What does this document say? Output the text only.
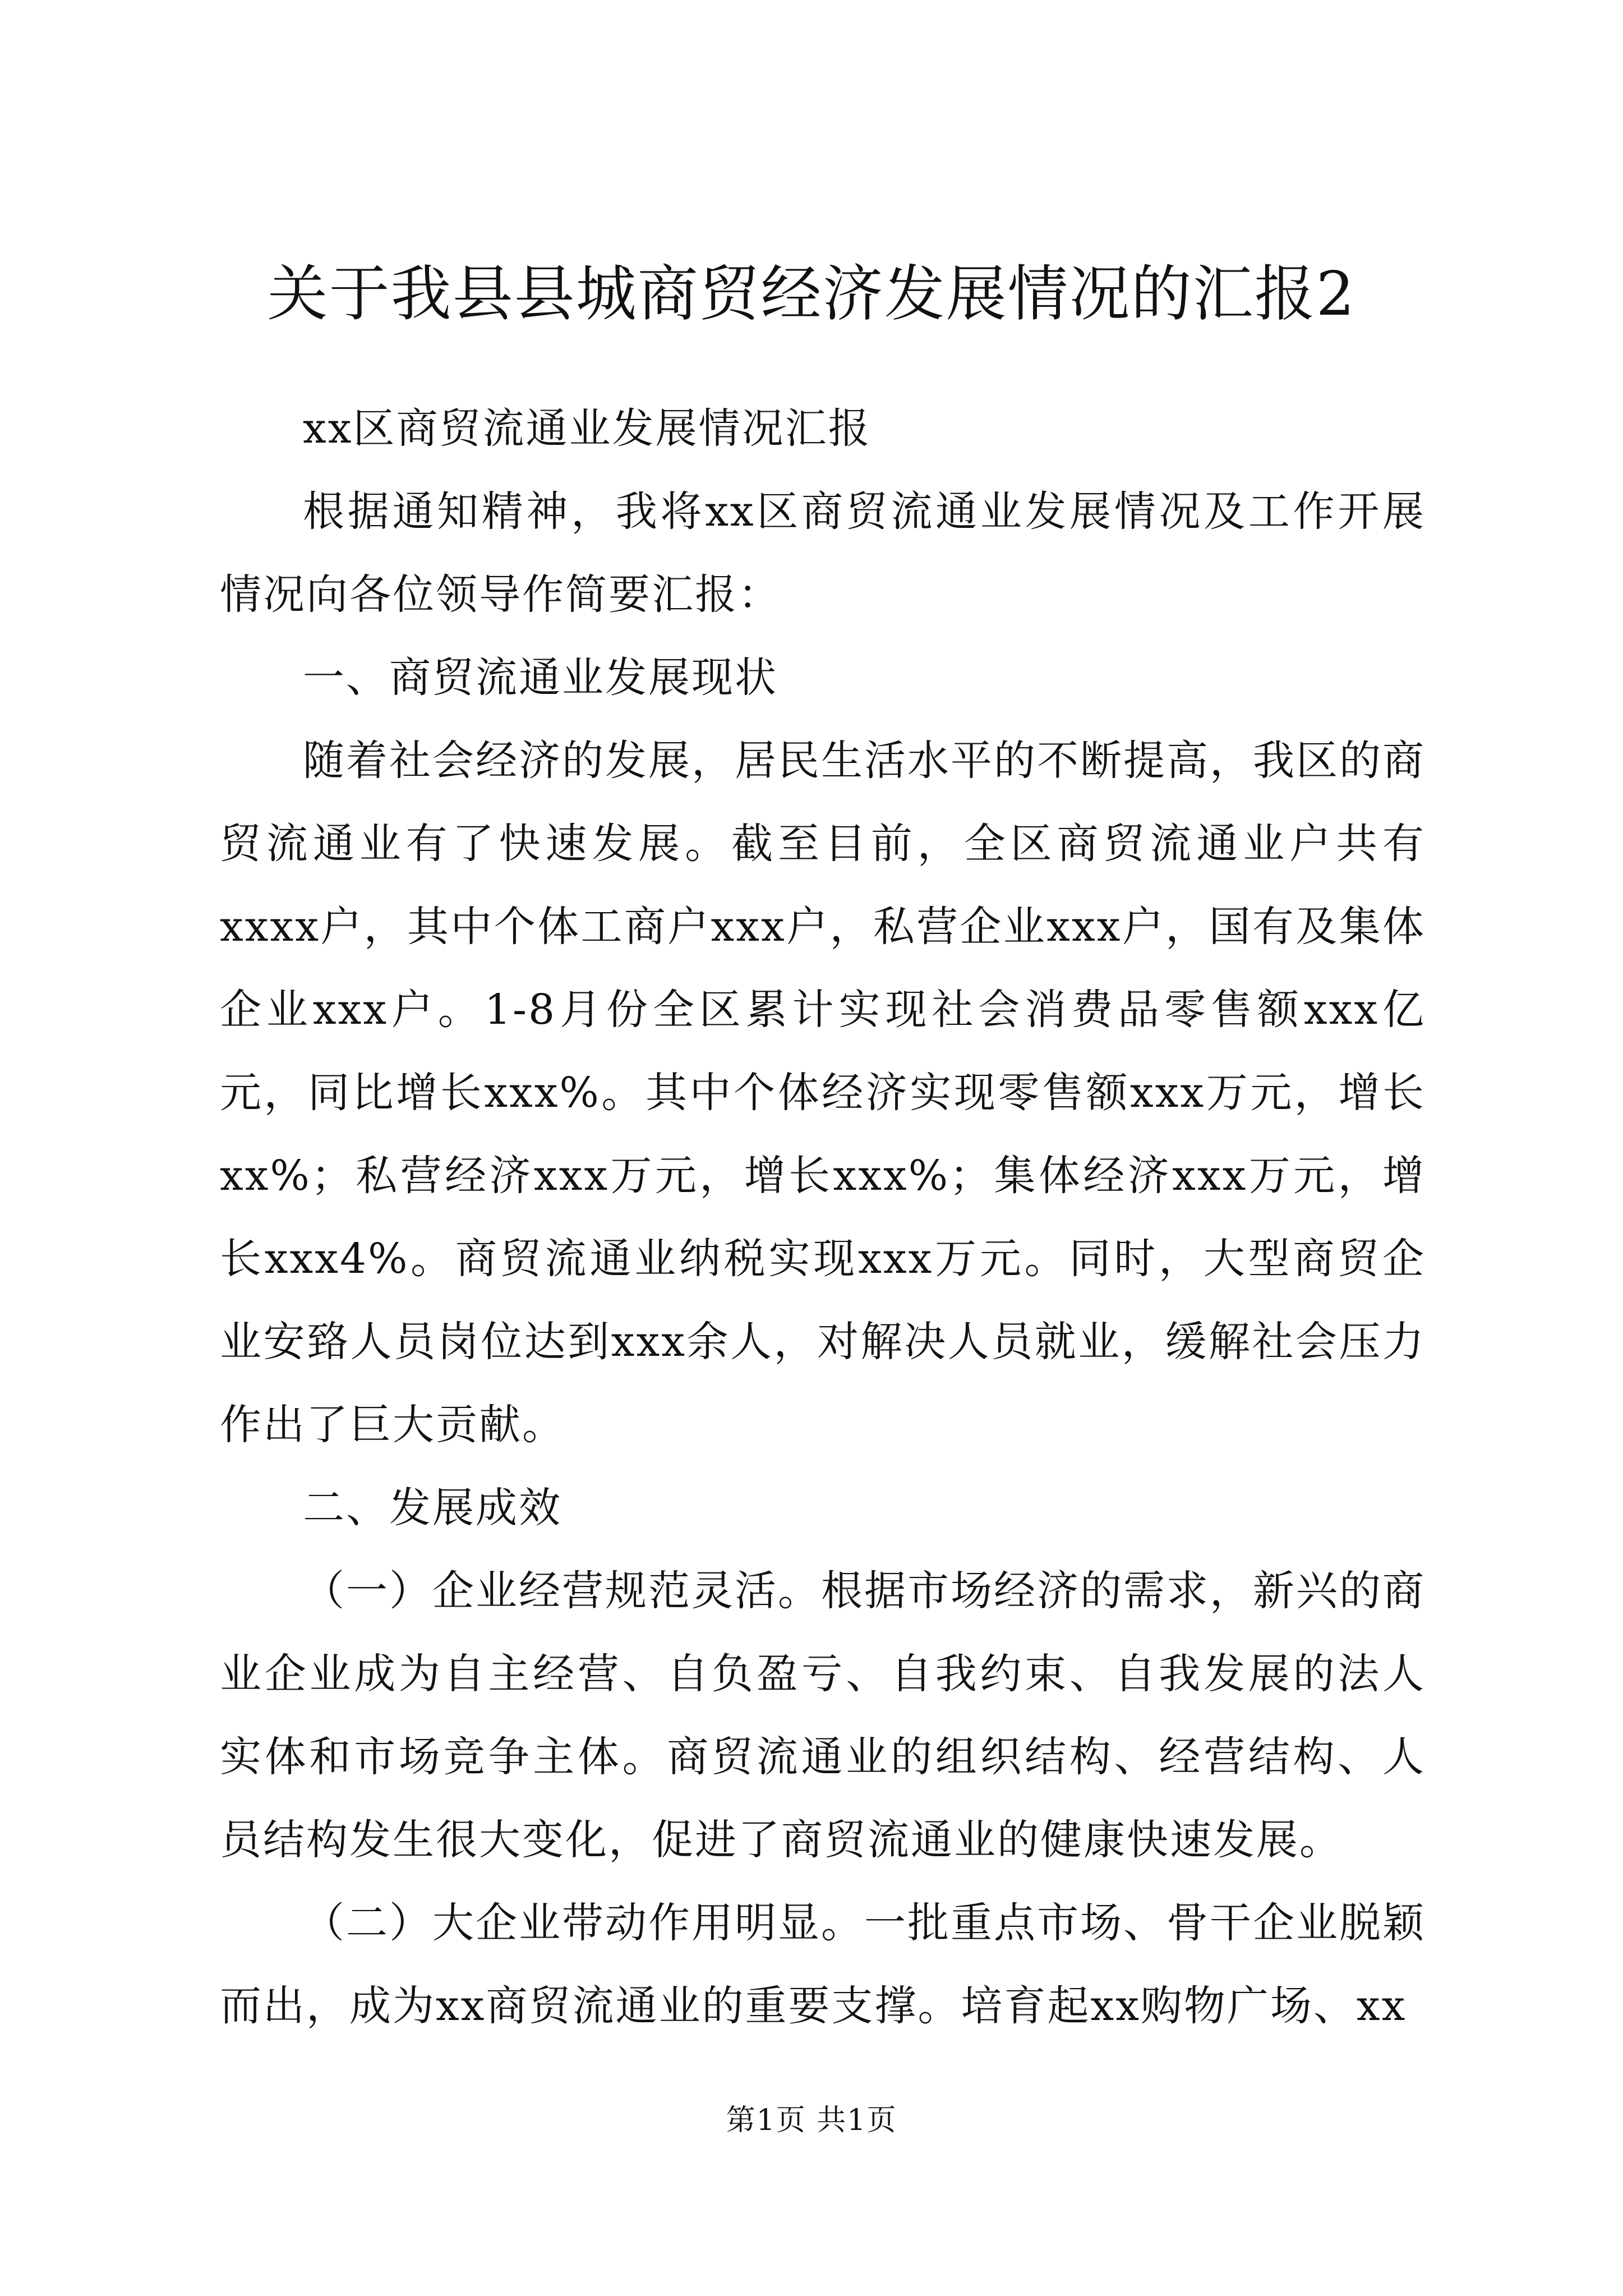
关于我县县城商贸经济发展情况的汇报2

xx区商贸流通业发展情况汇报

根据通知精神，我将xx区商贸流通业发展情况及工作开展情况向各位领导作简要汇报：

一、商贸流通业发展现状

随着社会经济的发展，居民生活水平的不断提高，我区的商贸流通业有了快速发展。截至目前，全区商贸流通业户共有xxxx户，其中个体工商户xxx户，私营企业xxx户，国有及集体企业xxx户。1-8月份全区累计实现社会消费品零售额xxx亿元，同比增长xxx%。其中个体经济实现零售额xxx万元，增长xx%；私营经济xxx万元，增长xxx%；集体经济xxx万元，增长xxx4%。商贸流通业纳税实现xxx万元。同时，大型商贸企业安臵人员岗位达到xxx余人，对解决人员就业，缓解社会压力作出了巨大贡献。

二、发展成效

（一）企业经营规范灵活。根据市场经济的需求，新兴的商业企业成为自主经营、自负盈亏、自我约束、自我发展的法人实体和市场竞争主体。商贸流通业的组织结构、经营结构、人员结构发生很大变化，促进了商贸流通业的健康快速发展。

（二）大企业带动作用明显。一批重点市场、骨干企业脱颖而出，成为xx商贸流通业的重要支撑。培育起xx购物广场、xx

第1页 共1页
